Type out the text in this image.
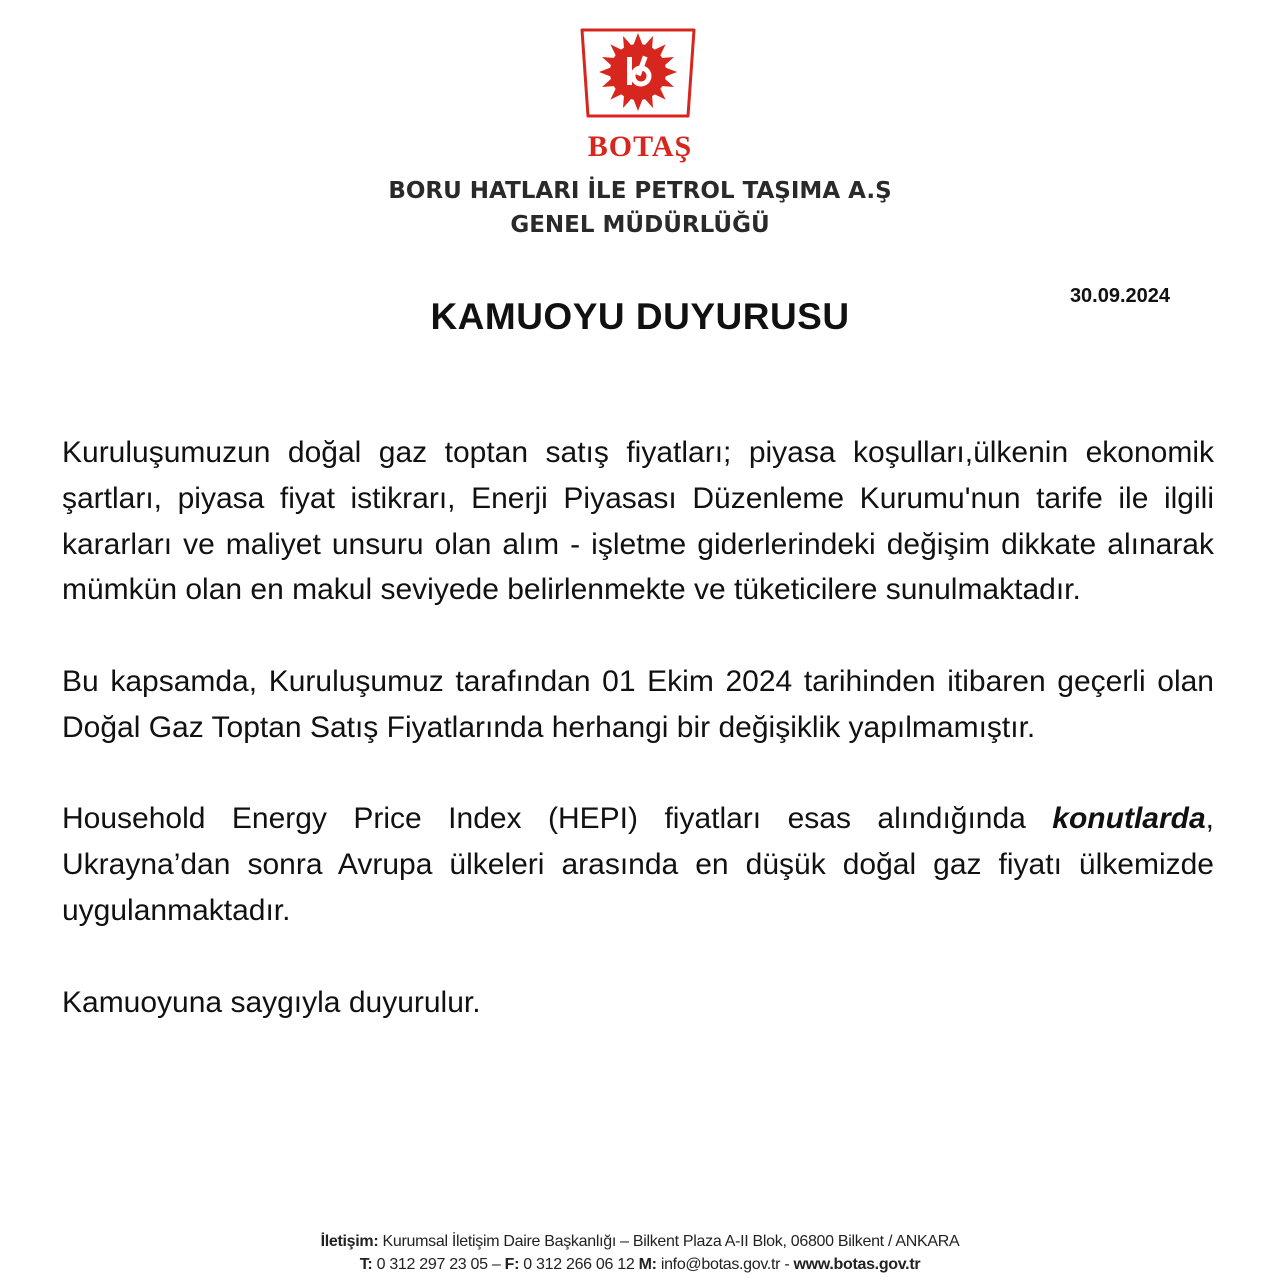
BOTAŞ
BORU HATLARI İLE PETROL TAŞIMA A.Ş
GENEL MÜDÜRLÜĞÜ
30.09.2024
KAMUOYU DUYURUSU

Kuruluşumuzun doğal gaz toptan satış fiyatları; piyasa koşulları,ülkenin ekonomik şartları, piyasa fiyat istikrarı, Enerji Piyasası Düzenleme Kurumu'nun tarife ile ilgili kararları ve maliyet unsuru olan alım - işletme giderlerindeki değişim dikkate alınarak mümkün olan en makul seviyede belirlenmekte ve tüketicilere sunulmaktadır.

Bu kapsamda, Kuruluşumuz tarafından 01 Ekim 2024 tarihinden itibaren geçerli olan Doğal Gaz Toptan Satış Fiyatlarında herhangi bir değişiklik yapılmamıştır.

Household Energy Price Index (HEPI) fiyatları esas alındığında konutlarda, Ukrayna’dan sonra Avrupa ülkeleri arasında en düşük doğal gaz fiyatı ülkemizde uygulanmaktadır.

Kamuoyuna saygıyla duyurulur.

İletişim: Kurumsal İletişim Daire Başkanlığı – Bilkent Plaza A-II Blok, 06800 Bilkent / ANKARA
T: 0 312 297 23 05 – F: 0 312 266 06 12 M: info@botas.gov.tr - www.botas.gov.tr
